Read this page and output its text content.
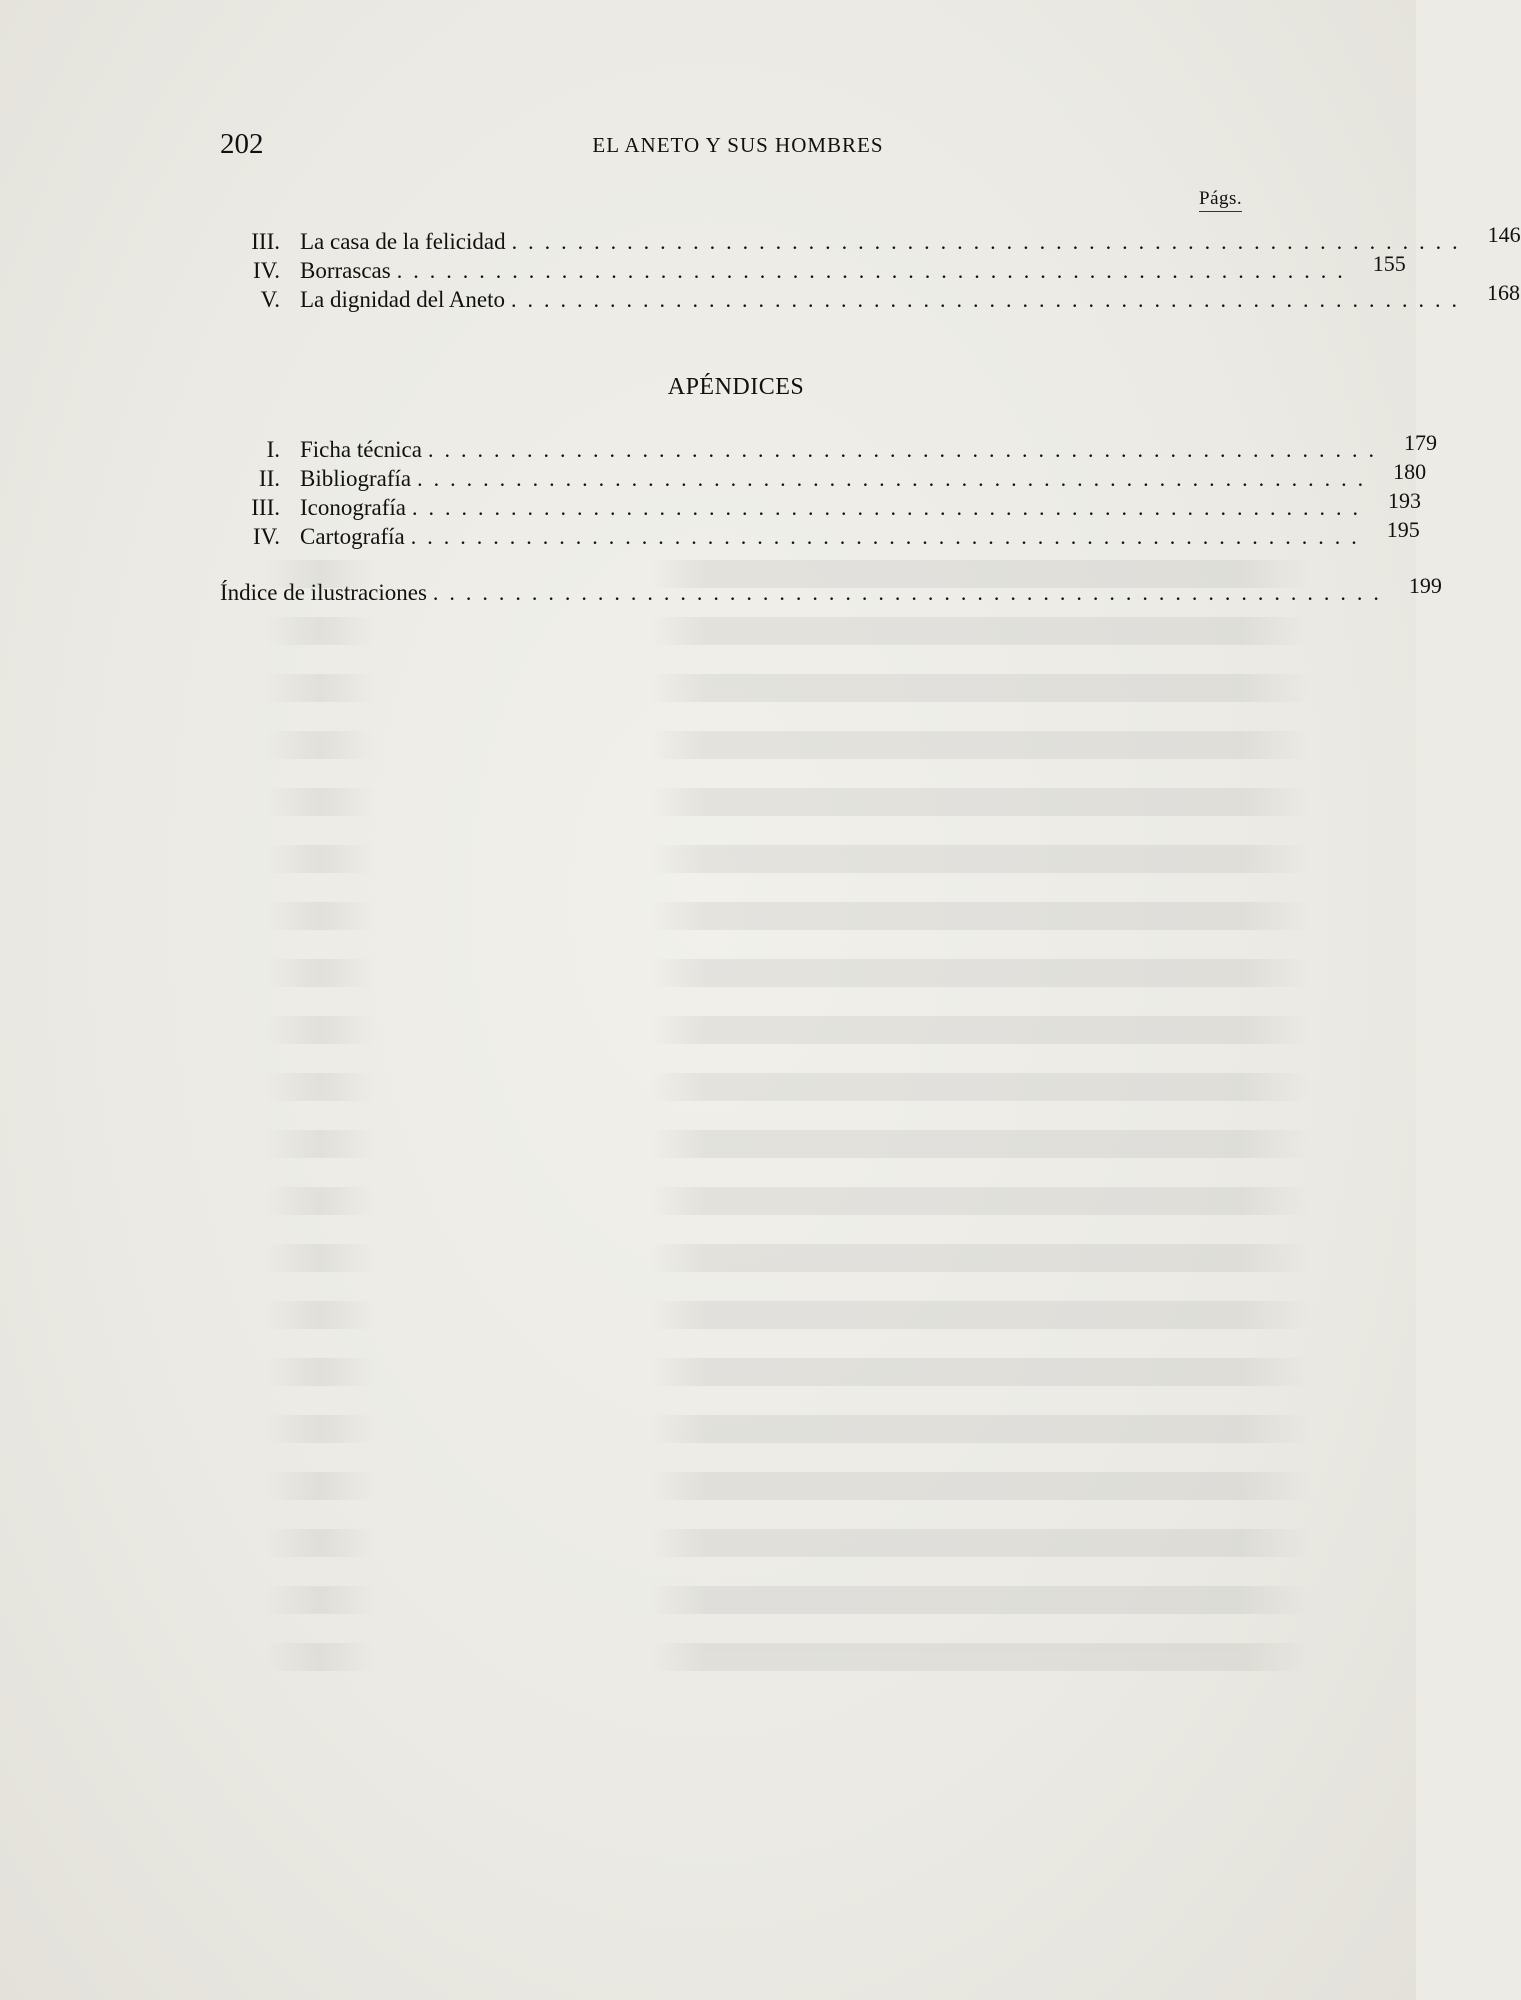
202	EL ANETO Y SUS HOMBRES
Págs.
III. La casa de la felicidad .......................................................... 146
IV. Borrascas .......................................................... 155
V. La dignidad del Aneto .......................................................... 168
APÉNDICES
I. Ficha técnica .......................................................... 179
II. Bibliografía .......................................................... 180
III. Iconografía .......................................................... 193
IV. Cartografía .......................................................... 195
Índice de ilustraciones .......................................................... 199
